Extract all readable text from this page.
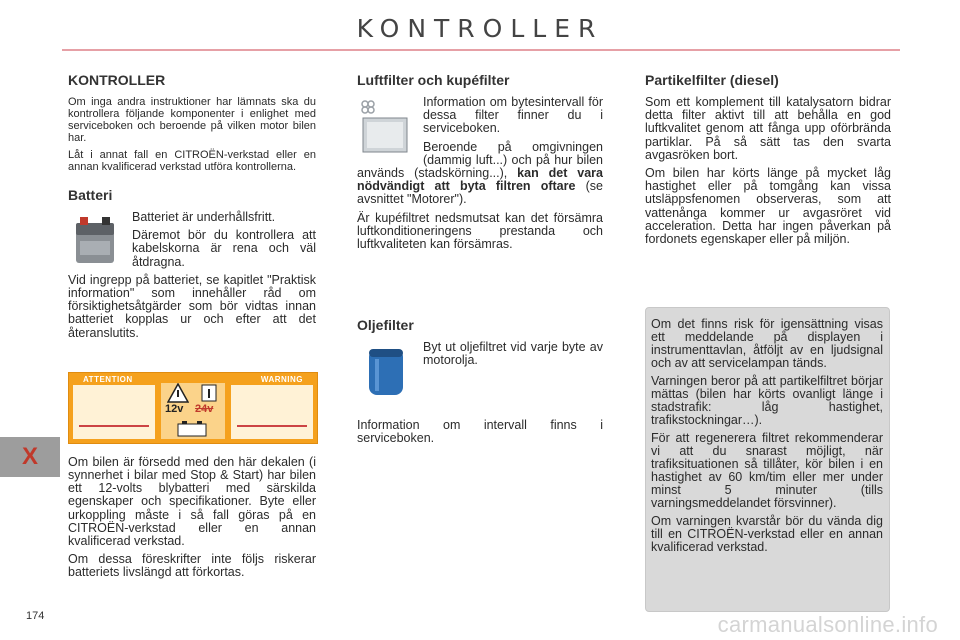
KONTROLLER
X
174	carmanualsonline.info
KONTROLLER

Om inga andra instruktioner har lämnats ska du kontrollera följande komponenter i enlighet med serviceboken och beroende på vilken motor bilen har.

Låt i annat fall en CITROËN-verkstad eller en annan kvalificerad verkstad utföra kontrollerna.

Batteri

Batteriet är underhållsfritt.

Däremot bör du kontrollera att kabelskorna är rena och väl åtdragna.

Vid ingrepp på batteriet, se kapitlet "Praktisk information" som innehåller råd om försiktighetsåtgärder som bör vidtas innan batteriet kopplas ur och efter att det återanslutits.

ATTENTION	WARNING
12v 24v

Om bilen är försedd med den här dekalen (i synnerhet i bilar med Stop & Start) har bilen ett 12-volts blybatteri med särskilda egenskaper och specifikationer. Byte eller urkoppling måste i så fall göras på en CITROËN-verkstad eller en annan kvalificerad verkstad.

Om dessa föreskrifter inte följs riskerar batteriets livslängd att förkortas.

Luftfilter och kupéfilter

Information om bytesintervall för dessa filter finner du i serviceboken.

Beroende på omgivningen (dammig luft...) och på hur bilen används (stadskörning...), kan det vara nödvändigt att byta filtren oftare (se avsnittet "Motorer").

Är kupéfiltret nedsmutsat kan det försämra luftkonditioneringens prestanda och luftkvaliteten kan försämras.

Oljefilter

Byt ut oljefiltret vid varje byte av motorolja.

Information om intervall finns i serviceboken.

Partikelfilter (diesel)

Som ett komplement till katalysatorn bidrar detta filter aktivt till att behålla en god luftkvalitet genom att fånga upp oförbrända partiklar. På så sätt tas den svarta avgasröken bort.

Om bilen har körts länge på mycket låg hastighet eller på tomgång kan vissa utsläppsfenomen observeras, som att vattenånga kommer ur avgasröret vid acceleration. Detta har ingen påverkan på fordonets egenskaper eller på miljön.

Om det finns risk för igensättning visas ett meddelande på displayen i instrumenttavlan, åtföljt av en ljudsignal och av att servicelampan tänds.

Varningen beror på att partikelfiltret börjar mättas (bilen har körts ovanligt länge i stadstrafik: låg hastighet, trafikstockningar…).

För att regenerera filtret rekommenderar vi att du snarast möjligt, när trafiksituationen så tillåter, kör bilen i en hastighet av 60 km/tim eller mer under minst 5 minuter (tills varningsmeddelandet försvinner).

Om varningen kvarstår bör du vända dig till en CITROËN-verkstad eller en annan kvalificerad verkstad.
